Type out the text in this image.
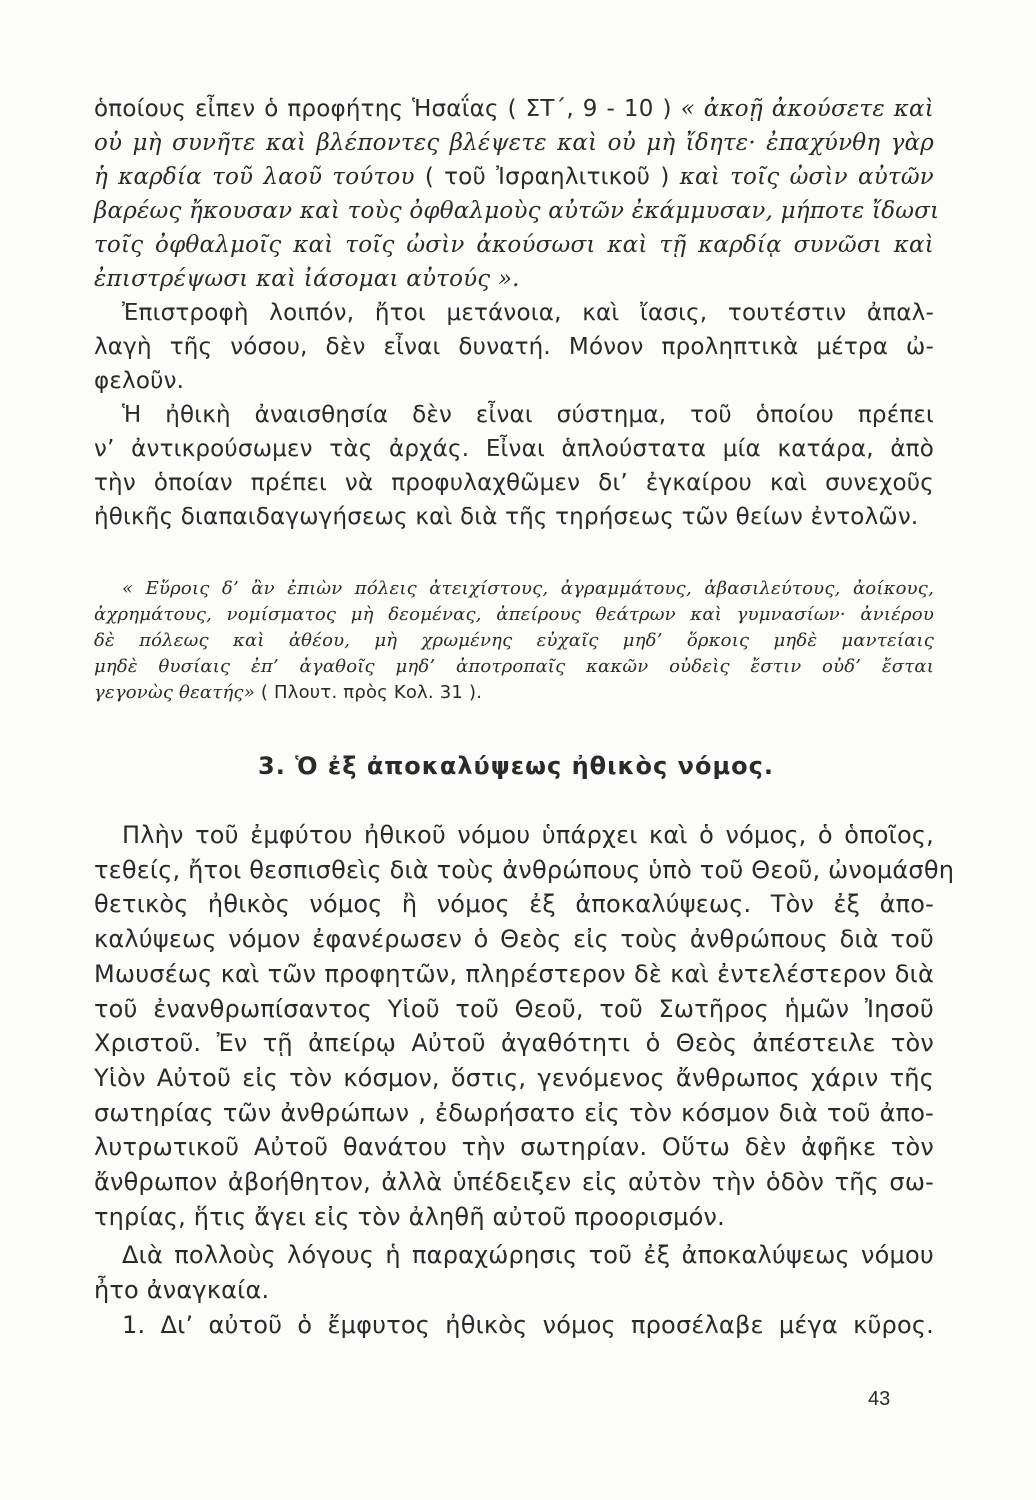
ὁποίους εἶπεν ὁ προφήτης Ἡσαΐας ( ΣΤ΄, 9 - 10 ) « ἀκοῇ ἀκούσετε καὶ
οὐ μὴ συνῆτε καὶ βλέποντες βλέψετε καὶ οὐ μὴ ἴδητε· ἐπαχύνθη γὰρ
ἡ καρδία τοῦ λαοῦ τούτου ( τοῦ Ἰσραηλιτικοῦ ) καὶ τοῖς ὠσὶν αὐτῶν
βαρέως ἤκουσαν καὶ τοὺς ὀφθαλμοὺς αὐτῶν ἐκάμμυσαν, μήποτε ἴδωσι
τοῖς ὀφθαλμοῖς καὶ τοῖς ὠσὶν ἀκούσωσι καὶ τῇ καρδίᾳ συνῶσι καὶ
ἐπιστρέψωσι καὶ ἰάσομαι αὐτούς ».
Ἐπιστροφὴ λοιπόν, ἤτοι μετάνοια, καὶ ἴασις, τουτέστιν ἀπαλ-
λαγὴ τῆς νόσου, δὲν εἶναι δυνατή. Μόνον προληπτικὰ μέτρα ὠ-
φελοῦν.
Ἡ ἠθικὴ ἀναισθησία δὲν εἶναι σύστημα, τοῦ ὁποίου πρέπει
ν’ ἀντικρούσωμεν τὰς ἀρχάς. Εἶναι ἁπλούστατα μία κατάρα, ἀπὸ
τὴν ὁποίαν πρέπει νὰ προφυλαχθῶμεν δι’ ἐγκαίρου καὶ συνεχοῦς
ἠθικῆς διαπαιδαγωγήσεως καὶ διὰ τῆς τηρήσεως τῶν θείων ἐντολῶν.
« Εὕροις δ’ ἂν ἐπιὼν πόλεις ἀτειχίστους, ἀγραμμάτους, ἀβασιλεύτους, ἀοίκους,
ἀχρημάτους, νομίσματος μὴ δεομένας, ἀπείρους θεάτρων καὶ γυμνασίων· ἀνιέρου
δὲ πόλεως καὶ ἀθέου, μὴ χρωμένης εὐχαῖς μηδ’ ὅρκοις μηδὲ μαντείαις
μηδὲ θυσίαις ἐπ’ ἀγαθοῖς μηδ’ ἀποτροπαῖς κακῶν οὐδεὶς ἔστιν οὐδ’ ἔσται
γεγονὼς θεατής» ( Πλουτ. πρὸς Κολ. 31 ).
3. Ὁ ἐξ ἀποκαλύψεως ἠθικὸς νόμος.
Πλὴν τοῦ ἐμφύτου ἠθικοῦ νόμου ὑπάρχει καὶ ὁ νόμος, ὁ ὁποῖος,
τεθείς, ἤτοι θεσπισθεὶς διὰ τοὺς ἀνθρώπους ὑπὸ τοῦ Θεοῦ, ὠνομάσθη
θετικὸς ἠθικὸς νόμος ἢ νόμος ἐξ ἀποκαλύψεως. Τὸν ἐξ ἀπο-
καλύψεως νόμον ἐφανέρωσεν ὁ Θεὸς εἰς τοὺς ἀνθρώπους διὰ τοῦ
Μωυσέως καὶ τῶν προφητῶν, πληρέστερον δὲ καὶ ἐντελέστερον διὰ
τοῦ ἐνανθρωπίσαντος Υἱοῦ τοῦ Θεοῦ, τοῦ Σωτῆρος ἡμῶν Ἰησοῦ
Χριστοῦ. Ἐν τῇ ἀπείρῳ Αὐτοῦ ἀγαθότητι ὁ Θεὸς ἀπέστειλε τὸν
Υἱὸν Αὐτοῦ εἰς τὸν κόσμον, ὅστις, γενόμενος ἄνθρωπος χάριν τῆς
σωτηρίας τῶν ἀνθρώπων , ἐδωρήσατο εἰς τὸν κόσμον διὰ τοῦ ἀπο-
λυτρωτικοῦ Αὐτοῦ θανάτου τὴν σωτηρίαν. Οὕτω δὲν ἀφῆκε τὸν
ἄνθρωπον ἀβοήθητον, ἀλλὰ ὑπέδειξεν εἰς αὐτὸν τὴν ὁδὸν τῆς σω-
τηρίας, ἥτις ἄγει εἰς τὸν ἀληθῆ αὐτοῦ προορισμόν.
Διὰ πολλοὺς λόγους ἡ παραχώρησις τοῦ ἐξ ἀποκαλύψεως νόμου
ἦτο ἀναγκαία.
1. Δι’ αὐτοῦ ὁ ἔμφυτος ἠθικὸς νόμος προσέλαβε μέγα κῦρος.
43
